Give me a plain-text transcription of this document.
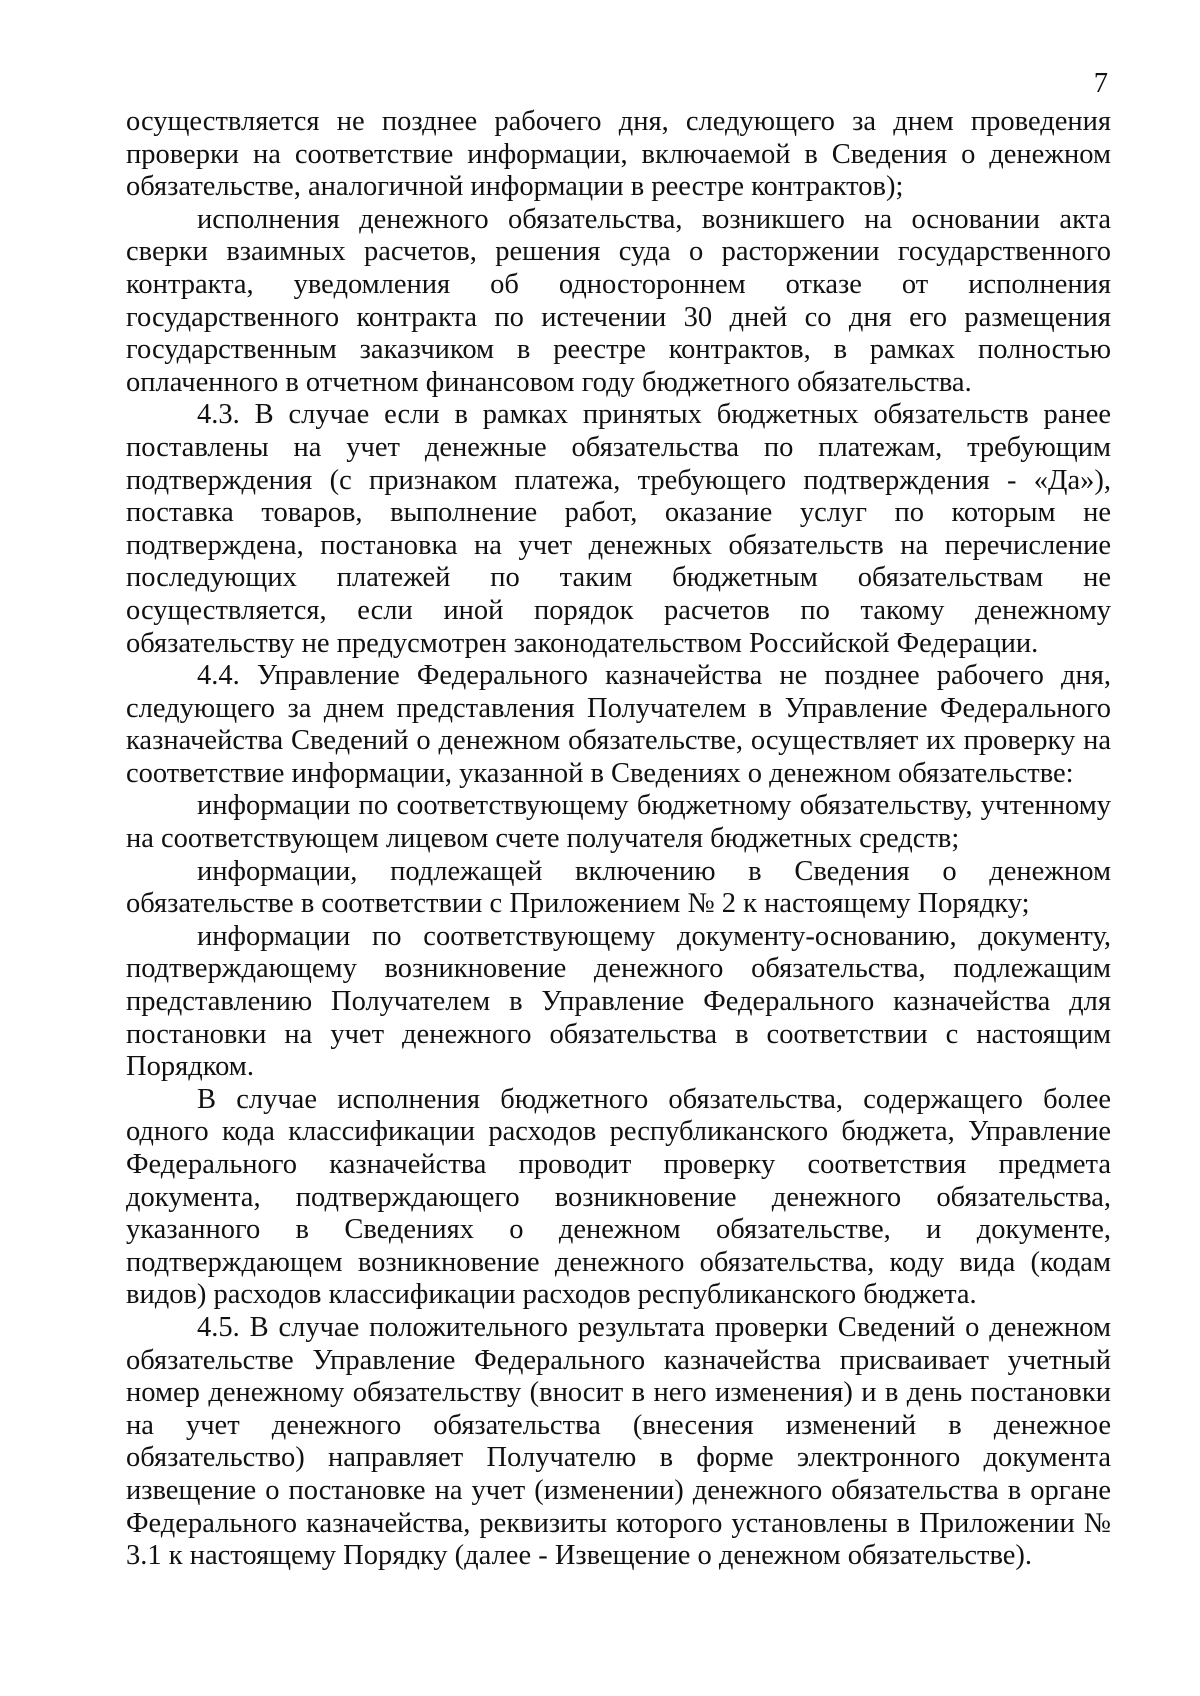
7

осуществляется не позднее рабочего дня, следующего за днем проведения проверки на соответствие информации, включаемой в Сведения о денежном обязательстве, аналогичной информации в реестре контрактов);

исполнения денежного обязательства, возникшего на основании акта сверки взаимных расчетов, решения суда о расторжении государственного контракта, уведомления об одностороннем отказе от исполнения государственного контракта по истечении 30 дней со дня его размещения государственным заказчиком в реестре контрактов, в рамках полностью оплаченного в отчетном финансовом году бюджетного обязательства.

4.3. В случае если в рамках принятых бюджетных обязательств ранее поставлены на учет денежные обязательства по платежам, требующим подтверждения (с признаком платежа, требующего подтверждения - «Да»), поставка товаров, выполнение работ, оказание услуг по которым не подтверждена, постановка на учет денежных обязательств на перечисление последующих платежей по таким бюджетным обязательствам не осуществляется, если иной порядок расчетов по такому денежному обязательству не предусмотрен законодательством Российской Федерации.

4.4. Управление Федерального казначейства не позднее рабочего дня, следующего за днем представления Получателем в Управление Федерального казначейства Сведений о денежном обязательстве, осуществляет их проверку на соответствие информации, указанной в Сведениях о денежном обязательстве:

информации по соответствующему бюджетному обязательству, учтенному на соответствующем лицевом счете получателя бюджетных средств;

информации, подлежащей включению в Сведения о денежном обязательстве в соответствии с Приложением № 2 к настоящему Порядку;

информации по соответствующему документу-основанию, документу, подтверждающему возникновение денежного обязательства, подлежащим представлению Получателем в Управление Федерального казначейства для постановки на учет денежного обязательства в соответствии с настоящим Порядком.

В случае исполнения бюджетного обязательства, содержащего более одного кода классификации расходов республиканского бюджета, Управление Федерального казначейства проводит проверку соответствия предмета документа, подтверждающего возникновение денежного обязательства, указанного в Сведениях о денежном обязательстве, и документе, подтверждающем возникновение денежного обязательства, коду вида (кодам видов) расходов классификации расходов республиканского бюджета.

4.5. В случае положительного результата проверки Сведений о денежном обязательстве Управление Федерального казначейства присваивает учетный номер денежному обязательству (вносит в него изменения) и в день постановки на учет денежного обязательства (внесения изменений в денежное обязательство) направляет Получателю в форме электронного документа извещение о постановке на учет (изменении) денежного обязательства в органе Федерального казначейства, реквизиты которого установлены в Приложении № 3.1 к настоящему Порядку (далее - Извещение о денежном обязательстве).
